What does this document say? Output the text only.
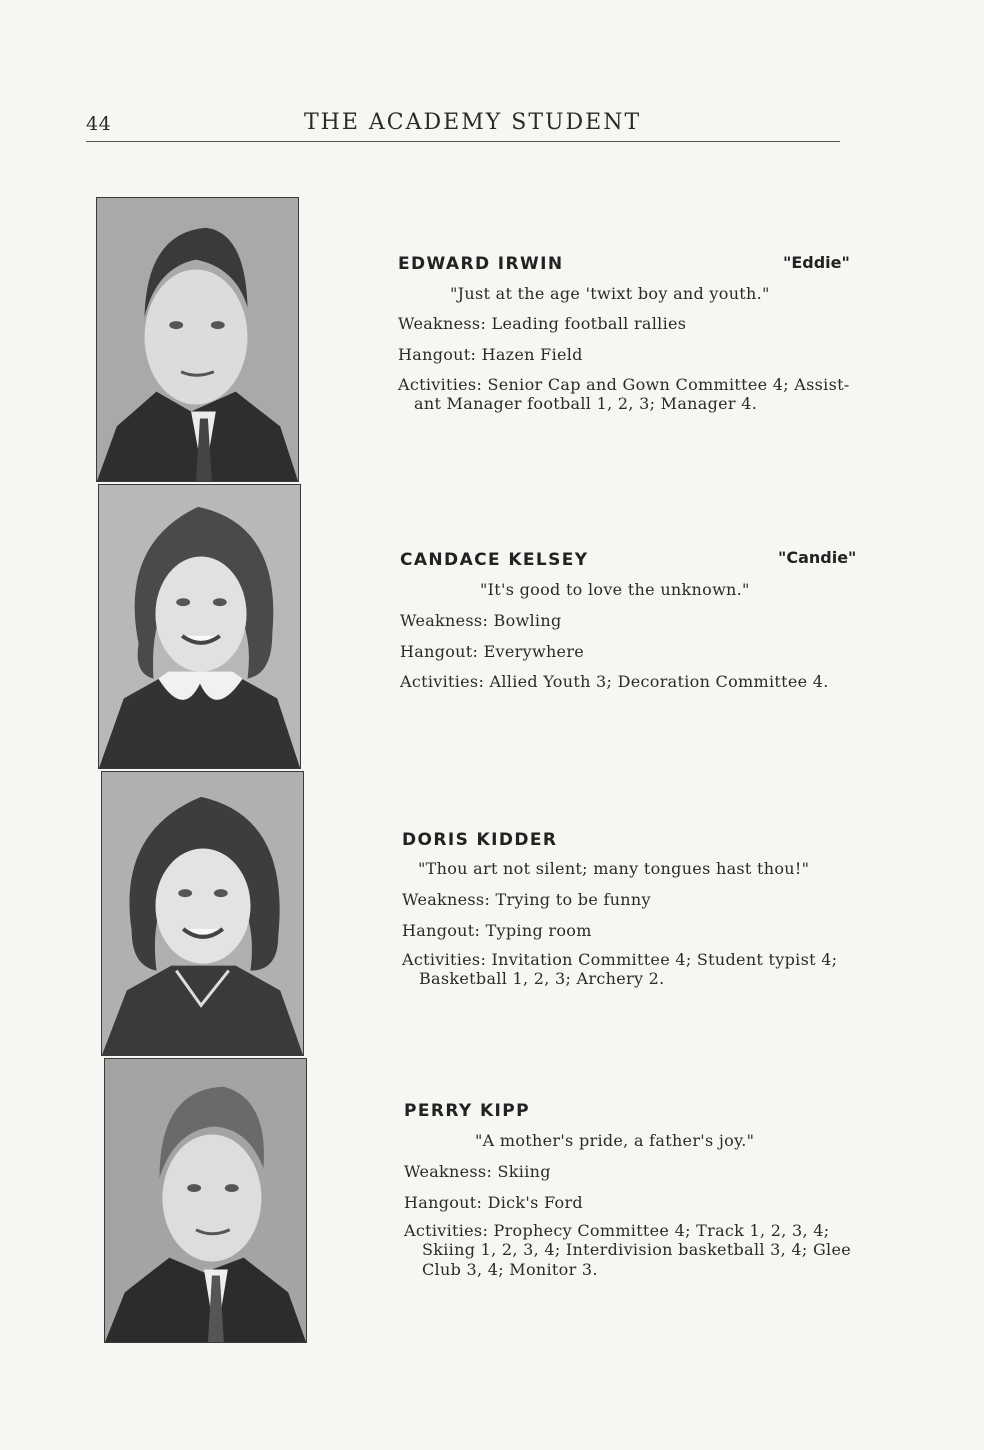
44	THE ACADEMY STUDENT
EDWARD IRWIN	"Eddie"
"Just at the age 'twixt boy and youth."
Weakness: Leading football rallies
Hangout: Hazen Field
Activities: Senior Cap and Gown Committee 4; Assist-
ant Manager football 1, 2, 3; Manager 4.
CANDACE KELSEY	"Candie"
"It's good to love the unknown."
Weakness: Bowling
Hangout: Everywhere
Activities: Allied Youth 3; Decoration Committee 4.
DORIS KIDDER
"Thou art not silent; many tongues hast thou!"
Weakness: Trying to be funny
Hangout: Typing room
Activities: Invitation Committee 4; Student typist 4;
Basketball 1, 2, 3; Archery 2.
PERRY KIPP
"A mother's pride, a father's joy."
Weakness: Skiing
Hangout: Dick's Ford
Activities: Prophecy Committee 4; Track 1, 2, 3, 4;
Skiing 1, 2, 3, 4; Interdivision basketball 3, 4; Glee
Club 3, 4; Monitor 3.
